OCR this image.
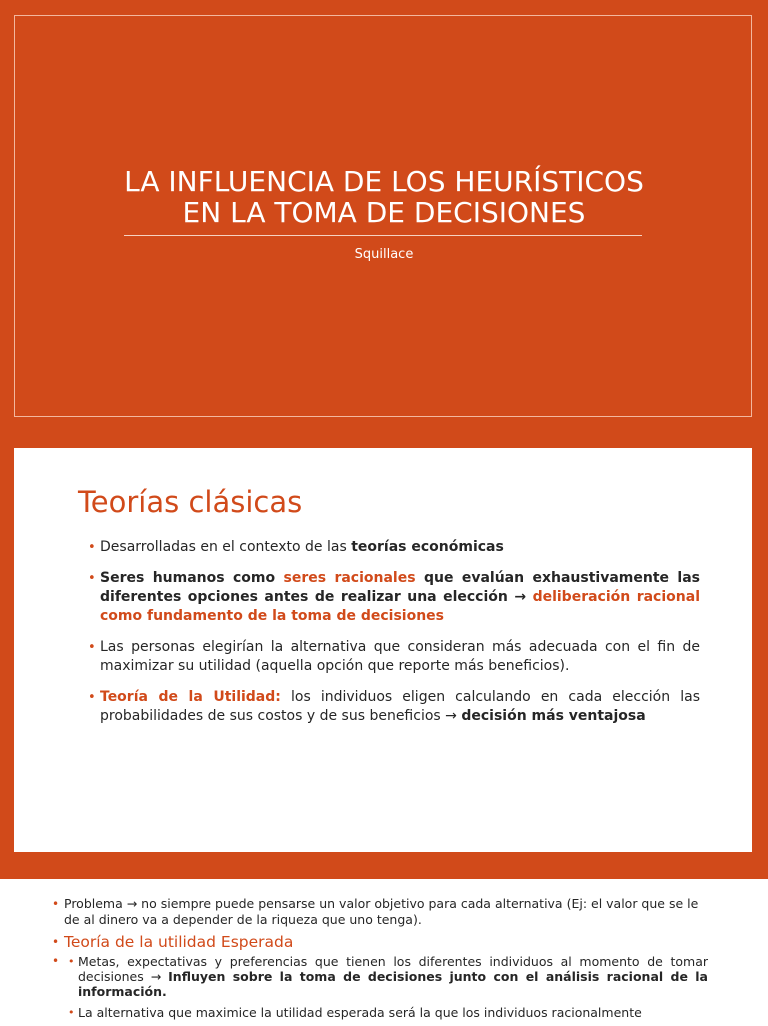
LA INFLUENCIA DE LOS HEURÍSTICOS
EN LA TOMA DE DECISIONES
Squillace
Teorías clásicas
• Desarrolladas en el contexto de las teorías económicas
• Seres humanos como seres racionales que evalúan exhaustivamente las diferentes opciones antes de realizar una elección → deliberación racional como fundamento de la toma de decisiones
• Las personas elegirían la alternativa que consideran más adecuada con el fin de maximizar su utilidad (aquella opción que reporte más beneficios).
• Teoría de la Utilidad: los individuos eligen calculando en cada elección las probabilidades de sus costos y de sus beneficios → decisión más ventajosa
• Problema → no siempre puede pensarse un valor objetivo para cada alternativa (Ej: el valor que se le de al dinero va a depender de la riqueza que uno tenga).
• Teoría de la utilidad Esperada
• • Metas, expectativas y preferencias que tienen los diferentes individuos al momento de tomar decisiones → Influyen sobre la toma de decisiones junto con el análisis racional de la información.
• La alternativa que maximice la utilidad esperada será la que los individuos racionalmente
